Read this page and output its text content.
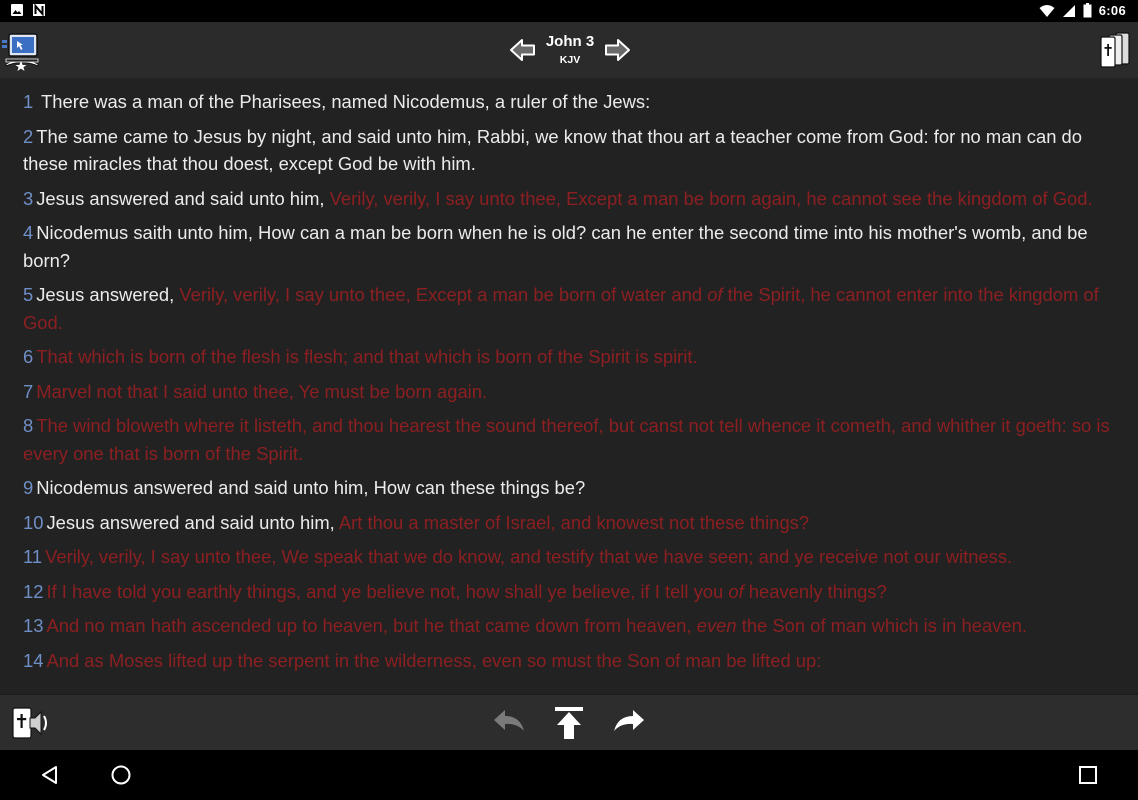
6:06
John 3
KJV
1 There was a man of the Pharisees, named Nicodemus, a ruler of the Jews:
2 The same came to Jesus by night, and said unto him, Rabbi, we know that thou art a teacher come from God: for no man can do these miracles that thou doest, except God be with him.
3 Jesus answered and said unto him, Verily, verily, I say unto thee, Except a man be born again, he cannot see the kingdom of God.
4 Nicodemus saith unto him, How can a man be born when he is old? can he enter the second time into his mother's womb, and be born?
5 Jesus answered, Verily, verily, I say unto thee, Except a man be born of water and of the Spirit, he cannot enter into the kingdom of God.
6 That which is born of the flesh is flesh; and that which is born of the Spirit is spirit.
7 Marvel not that I said unto thee, Ye must be born again.
8 The wind bloweth where it listeth, and thou hearest the sound thereof, but canst not tell whence it cometh, and whither it goeth: so is every one that is born of the Spirit.
9 Nicodemus answered and said unto him, How can these things be?
10 Jesus answered and said unto him, Art thou a master of Israel, and knowest not these things?
11 Verily, verily, I say unto thee, We speak that we do know, and testify that we have seen; and ye receive not our witness.
12 If I have told you earthly things, and ye believe not, how shall ye believe, if I tell you of heavenly things?
13 And no man hath ascended up to heaven, but he that came down from heaven, even the Son of man which is in heaven.
14 And as Moses lifted up the serpent in the wilderness, even so must the Son of man be lifted up:
